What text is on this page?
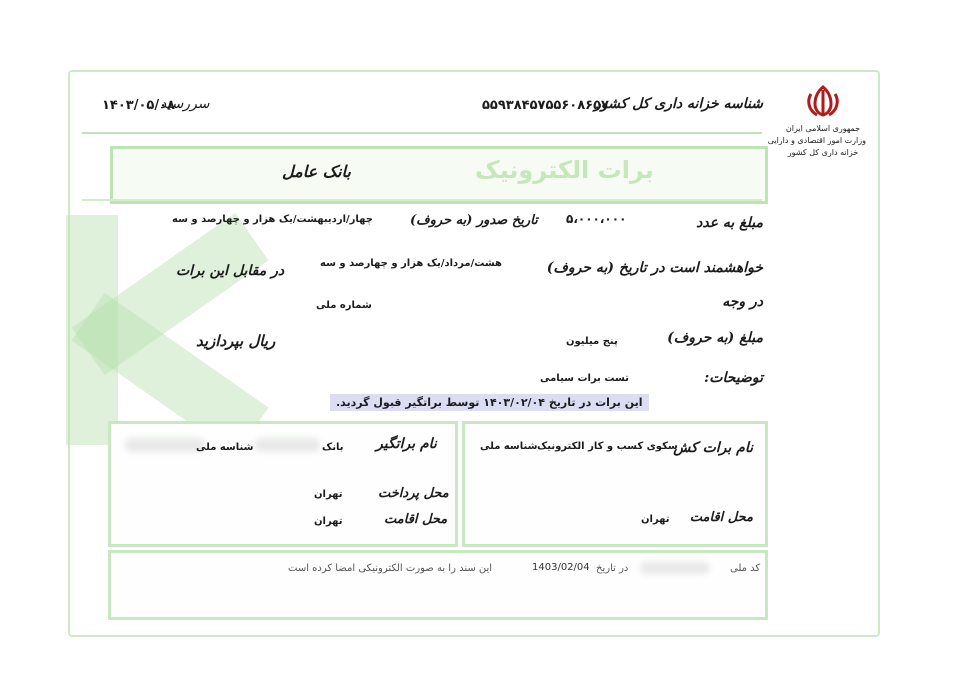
جمهوری اسلامی ایران
وزارت امور اقتصادی و دارایی
خزانه داری کل کشور
شناسه خزانه داری کل کشور
۵۵۹۳۸۴۵۷۵۵۶۰۸۶۵۷
سررسید
۱۴۰۳/۰۵/۰۸
برات الکترونیک
بانک عامل
مبلغ به عدد
۵،۰۰۰،۰۰۰
تاریخ صدور (به حروف)
چهار/اردیبهشت/یک هزار و چهارصد و سه
خواهشمند است در تاریخ (به حروف)
هشت/مرداد/یک هزار و چهارصد و سه
در مقابل این برات
در وجه
شماره ملی
مبلغ (به حروف)
پنج میلیون
ریال بپردازید
توضیحات:
تست برات سیامی
این برات در تاریخ ۱۴۰۳/۰۲/۰۴ توسط براتگیر قبول گردید.
نام برات کش
سکوی کسب و کار الکترونیک
شناسه ملی
محل اقامت
تهران
نام براتگیر
بانک
شناسه ملی
محل پرداخت
تهران
محل اقامت
تهران
کد ملی
در تاریخ
1403/02/04
این سند را به صورت الکترونیکی امضا کرده است
